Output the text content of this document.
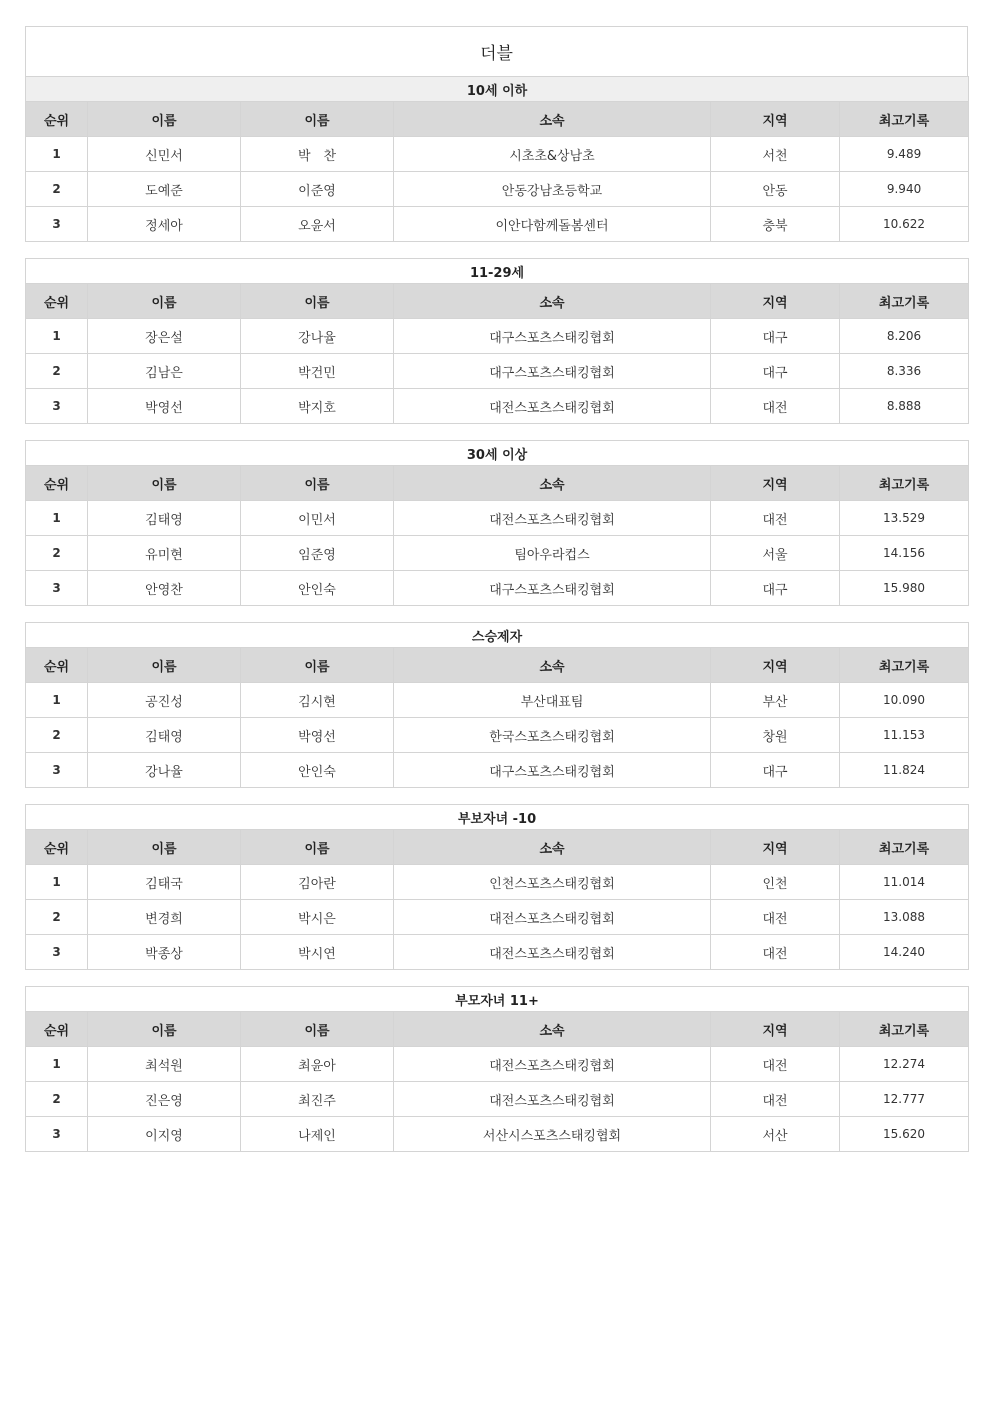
더블
10세 이하					
순위	이름	이름	소속	지역	최고기록
1	신민서	박　찬	시초초&상남초	서천	9.489
2	도예준	이준영	안동강남초등학교	안동	9.940
3	정세아	오윤서	이안다함께돌봄센터	충북	10.622
11-29세					
순위	이름	이름	소속	지역	최고기록
1	장은설	강나율	대구스포츠스태킹협회	대구	8.206
2	김남은	박건민	대구스포츠스태킹협회	대구	8.336
3	박영선	박지호	대전스포츠스태킹협회	대전	8.888
30세 이상					
순위	이름	이름	소속	지역	최고기록
1	김태영	이민서	대전스포츠스태킹협회	대전	13.529
2	유미현	임준영	팀아우라컵스	서울	14.156
3	안영찬	안인숙	대구스포츠스태킹협회	대구	15.980
스승제자					
순위	이름	이름	소속	지역	최고기록
1	공진성	김시현	부산대표팀	부산	10.090
2	김태영	박영선	한국스포츠스태킹협회	창원	11.153
3	강나율	안인숙	대구스포츠스태킹협회	대구	11.824
부보자녀 -10					
순위	이름	이름	소속	지역	최고기록
1	김태국	김아란	인천스포츠스태킹협회	인천	11.014
2	변경희	박시은	대전스포츠스태킹협회	대전	13.088
3	박종상	박시연	대전스포츠스태킹협회	대전	14.240
부모자녀 11+					
순위	이름	이름	소속	지역	최고기록
1	최석원	최윤아	대전스포츠스태킹협회	대전	12.274
2	진은영	최진주	대전스포츠스태킹협회	대전	12.777
3	이지영	나제인	서산시스포츠스태킹협회	서산	15.620
